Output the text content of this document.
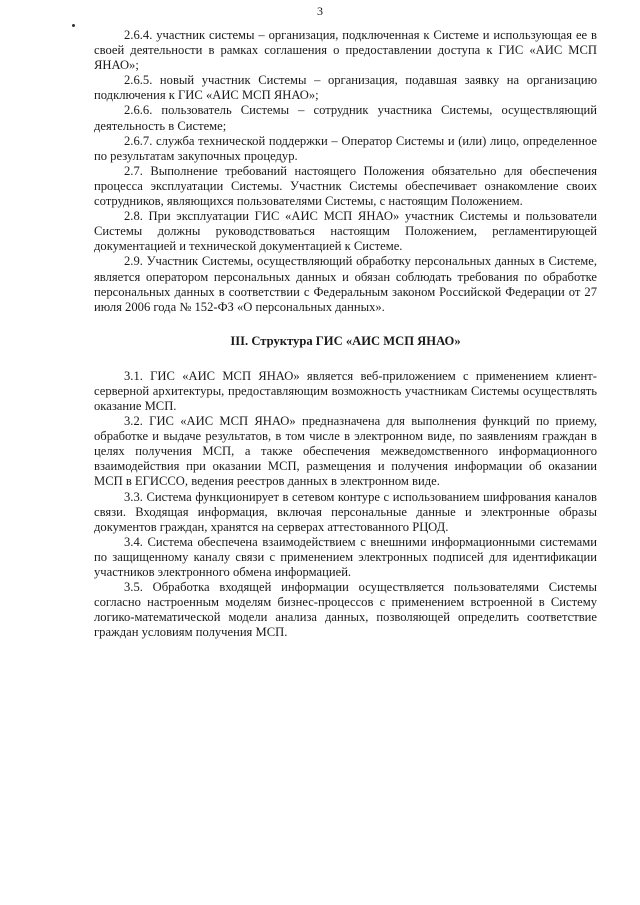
3

2.6.4. участник системы – организация, подключенная к Системе и использующая ее в своей деятельности в рамках соглашения о предоставлении доступа к ГИС «АИС МСП ЯНАО»;

2.6.5. новый участник Системы – организация, подавшая заявку на организацию подключения к ГИС «АИС МСП ЯНАО»;

2.6.6. пользователь Системы – сотрудник участника Системы, осуществляющий деятельность в Системе;

2.6.7. служба технической поддержки – Оператор Системы и (или) лицо, определенное по результатам закупочных процедур.

2.7. Выполнение требований настоящего Положения обязательно для обеспечения процесса эксплуатации Системы. Участник Системы обеспечивает ознакомление своих сотрудников, являющихся пользователями Системы, с настоящим Положением.

2.8. При эксплуатации ГИС «АИС МСП ЯНАО» участник Системы и пользователи Системы должны руководствоваться настоящим Положением, регламентирующей документацией и технической документацией к Системе.

2.9. Участник Системы, осуществляющий обработку персональных данных в Системе, является оператором персональных данных и обязан соблюдать требования по обработке персональных данных в соответствии с Федеральным законом Российской Федерации от 27 июля 2006 года № 152-ФЗ «О персональных данных».

III. Структура ГИС «АИС МСП ЯНАО»

3.1. ГИС «АИС МСП ЯНАО» является веб-приложением с применением клиент-серверной архитектуры, предоставляющим возможность участникам Системы осуществлять оказание МСП.

3.2. ГИС «АИС МСП ЯНАО» предназначена для выполнения функций по приему, обработке и выдаче результатов, в том числе в электронном виде, по заявлениям граждан в целях получения МСП, а также обеспечения межведомственного информационного взаимодействия при оказании МСП, размещения и получения информации об оказании МСП в ЕГИССО, ведения реестров данных в электронном виде.

3.3. Система функционирует в сетевом контуре с использованием шифрования каналов связи. Входящая информация, включая персональные данные и электронные образы документов граждан, хранятся на серверах аттестованного РЦОД.

3.4. Система обеспечена взаимодействием с внешними информационными системами по защищенному каналу связи с применением электронных подписей для идентификации участников электронного обмена информацией.

3.5. Обработка входящей информации осуществляется пользователями Системы согласно настроенным моделям бизнес-процессов с применением встроенной в Систему логико-математической модели анализа данных, позволяющей определить соответствие граждан условиям получения МСП.
